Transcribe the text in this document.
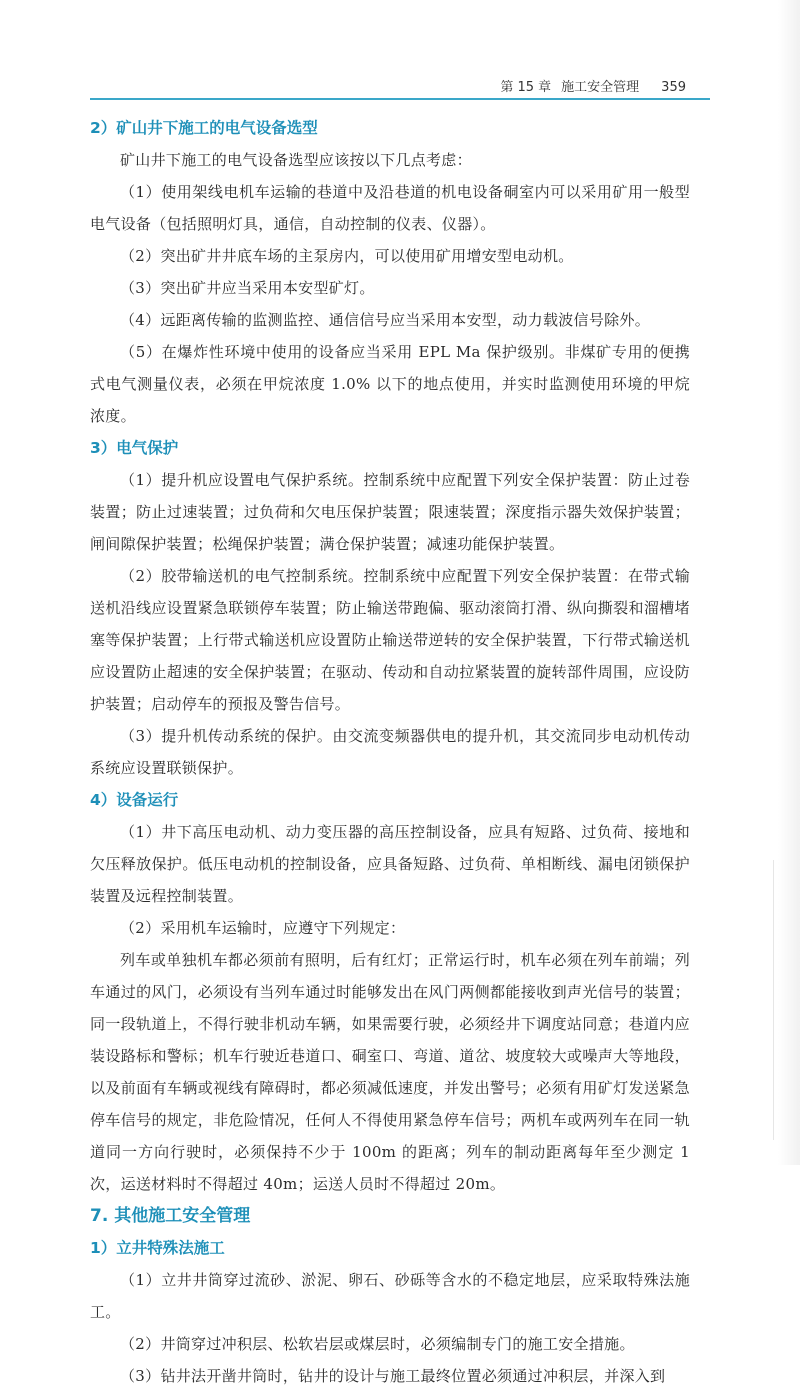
第 15 章 施工安全管理 359
2）矿山井下施工的电气设备选型

矿山井下施工的电气设备选型应该按以下几点考虑：

（1）使用架线电机车运输的巷道中及沿巷道的机电设备硐室内可以采用矿用一般型电气设备（包括照明灯具，通信，自动控制的仪表、仪器）。

（2）突出矿井井底车场的主泵房内，可以使用矿用增安型电动机。

（3）突出矿井应当采用本安型矿灯。

（4）远距离传输的监测监控、通信信号应当采用本安型，动力载波信号除外。

（5）在爆炸性环境中使用的设备应当采用 EPL Ma 保护级别。非煤矿专用的便携式电气测量仪表，必须在甲烷浓度 1.0% 以下的地点使用，并实时监测使用环境的甲烷浓度。

3）电气保护

（1）提升机应设置电气保护系统。控制系统中应配置下列安全保护装置：防止过卷装置；防止过速装置；过负荷和欠电压保护装置；限速装置；深度指示器失效保护装置；闸间隙保护装置；松绳保护装置；满仓保护装置；减速功能保护装置。

（2）胶带输送机的电气控制系统。控制系统中应配置下列安全保护装置：在带式输送机沿线应设置紧急联锁停车装置；防止输送带跑偏、驱动滚筒打滑、纵向撕裂和溜槽堵塞等保护装置；上行带式输送机应设置防止输送带逆转的安全保护装置，下行带式输送机应设置防止超速的安全保护装置；在驱动、传动和自动拉紧装置的旋转部件周围，应设防护装置；启动停车的预报及警告信号。

（3）提升机传动系统的保护。由交流变频器供电的提升机，其交流同步电动机传动系统应设置联锁保护。

4）设备运行

（1）井下高压电动机、动力变压器的高压控制设备，应具有短路、过负荷、接地和欠压释放保护。低压电动机的控制设备，应具备短路、过负荷、单相断线、漏电闭锁保护装置及远程控制装置。

（2）采用机车运输时，应遵守下列规定：

列车或单独机车都必须前有照明，后有红灯；正常运行时，机车必须在列车前端；列车通过的风门，必须设有当列车通过时能够发出在风门两侧都能接收到声光信号的装置；同一段轨道上，不得行驶非机动车辆，如果需要行驶，必须经井下调度站同意；巷道内应装设路标和警标；机车行驶近巷道口、硐室口、弯道、道岔、坡度较大或噪声大等地段，以及前面有车辆或视线有障碍时，都必须减低速度，并发出警号；必须有用矿灯发送紧急停车信号的规定，非危险情况，任何人不得使用紧急停车信号；两机车或两列车在同一轨道同一方向行驶时，必须保持不少于 100m 的距离；列车的制动距离每年至少测定 1 次，运送材料时不得超过 40m；运送人员时不得超过 20m。

7. 其他施工安全管理
1）立井特殊法施工

（1）立井井筒穿过流砂、淤泥、卵石、砂砾等含水的不稳定地层，应采取特殊法施工。

（2）井筒穿过冲积层、松软岩层或煤层时，必须编制专门的施工安全措施。

（3）钻井法开凿井筒时，钻井的设计与施工最终位置必须通过冲积层，并深入到
